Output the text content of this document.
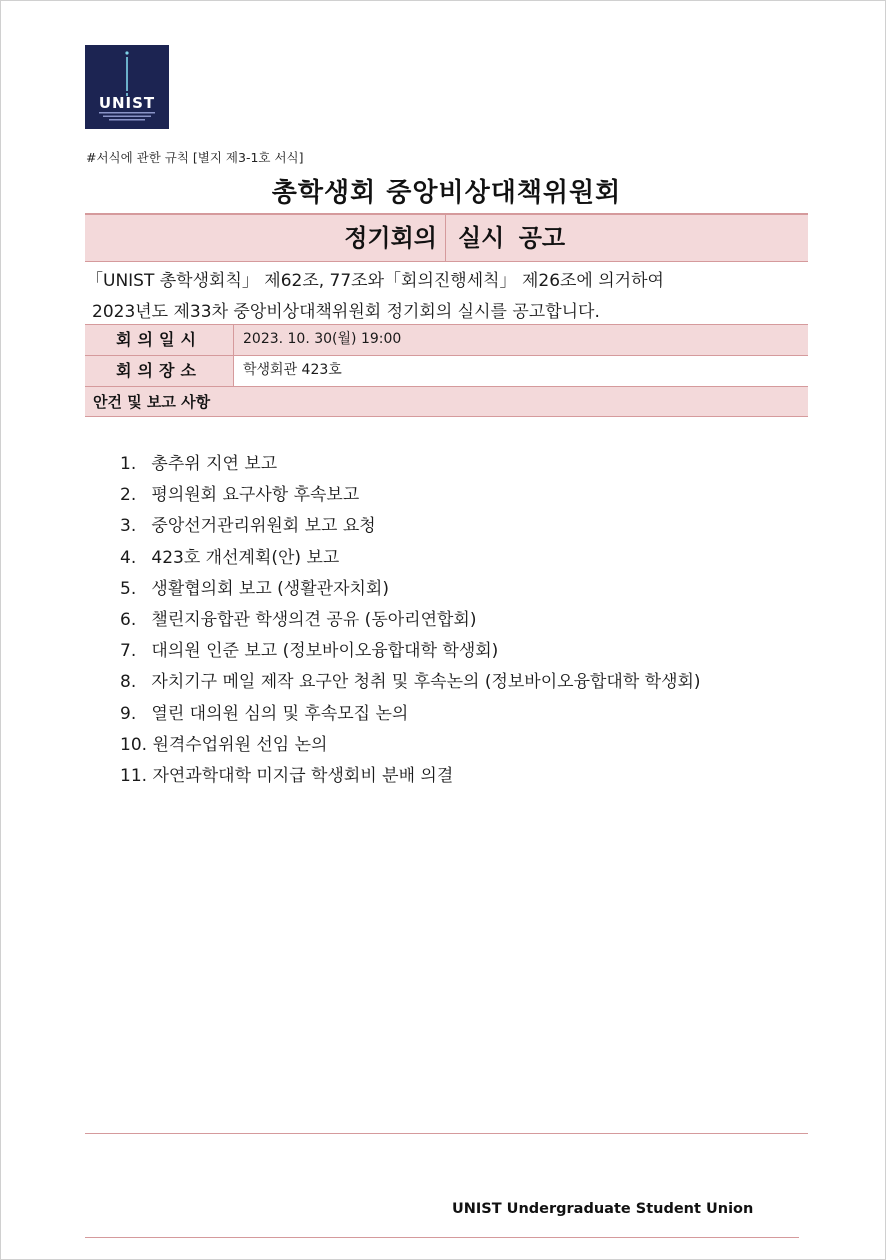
UNIST
#서식에 관한 규칙 [별지 제3-1호 서식]
총학생회 중앙비상대책위원회
정기회의 실시 공고
「UNIST 총학생회칙」 제62조, 77조와「회의진행세칙」 제26조에 의거하여
2023년도 제33차 중앙비상대책위원회 정기회의 실시를 공고합니다.
회의일시	2023. 10. 30(월) 19:00
회의장소	학생회관 423호
안건 및 보고 사항
1. 총추위 지연 보고
2. 평의원회 요구사항 후속보고
3. 중앙선거관리위원회 보고 요청
4. 423호 개선계획(안) 보고
5. 생활협의회 보고 (생활관자치회)
6. 챌린지융합관 학생의견 공유 (동아리연합회)
7. 대의원 인준 보고 (정보바이오융합대학 학생회)
8. 자치기구 메일 제작 요구안 청취 및 후속논의 (정보바이오융합대학 학생회)
9. 열린 대의원 심의 및 후속모집 논의
10. 원격수업위원 선임 논의
11. 자연과학대학 미지급 학생회비 분배 의결
UNIST Undergraduate Student Union
